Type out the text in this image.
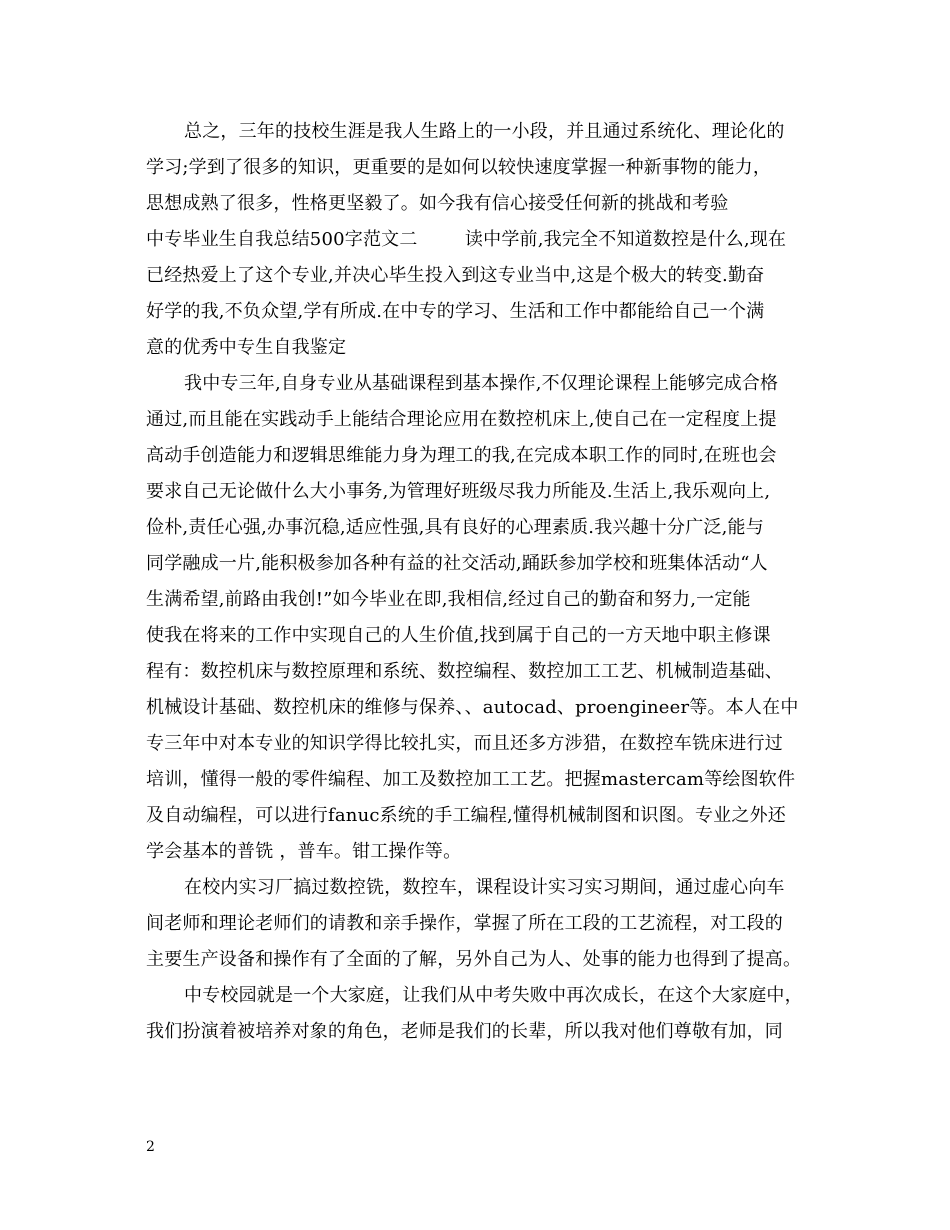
总之，三年的技校生涯是我人生路上的一小段，并且通过系统化、理论化的
学习;学到了很多的知识，更重要的是如何以较快速度掌握一种新事物的能力，
思想成熟了很多，性格更坚毅了。如今我有信心接受任何新的挑战和考验
中专毕业生自我总结500字范文二        读中学前,我完全不知道数控是什么,现在
已经热爱上了这个专业,并决心毕生投入到这专业当中,这是个极大的转变.勤奋
好学的我,不负众望,学有所成.在中专的学习、生活和工作中都能给自己一个满
意的优秀中专生自我鉴定
我中专三年,自身专业从基础课程到基本操作,不仅理论课程上能够完成合格
通过,而且能在实践动手上能结合理论应用在数控机床上,使自己在一定程度上提
高动手创造能力和逻辑思维能力身为理工的我,在完成本职工作的同时,在班也会
要求自己无论做什么大小事务,为管理好班级尽我力所能及.生活上,我乐观向上,
俭朴,责任心强,办事沉稳,适应性强,具有良好的心理素质.我兴趣十分广泛,能与
同学融成一片,能积极参加各种有益的社交活动,踊跃参加学校和班集体活动“人
生满希望,前路由我创!”如今毕业在即,我相信,经过自己的勤奋和努力,一定能
使我在将来的工作中实现自己的人生价值,找到属于自己的一方天地中职主修课
程有：数控机床与数控原理和系统、数控编程、数控加工工艺、机械制造基础、
机械设计基础、数控机床的维修与保养、、autocad、proengineer等。本人在中
专三年中对本专业的知识学得比较扎实，而且还多方涉猎，在数控车铣床进行过
培训，懂得一般的零件编程、加工及数控加工工艺。把握mastercam等绘图软件
及自动编程，可以进行fanuc系统的手工编程,懂得机械制图和识图。专业之外还
学会基本的普铣 ，普车。钳工操作等。
在校内实习厂搞过数控铣，数控车，课程设计实习实习期间，通过虚心向车
间老师和理论老师们的请教和亲手操作，掌握了所在工段的工艺流程，对工段的
主要生产设备和操作有了全面的了解，另外自己为人、处事的能力也得到了提高。
中专校园就是一个大家庭，让我们从中考失败中再次成长，在这个大家庭中，
我们扮演着被培养对象的角色，老师是我们的长辈，所以我对他们尊敬有加，同
2
